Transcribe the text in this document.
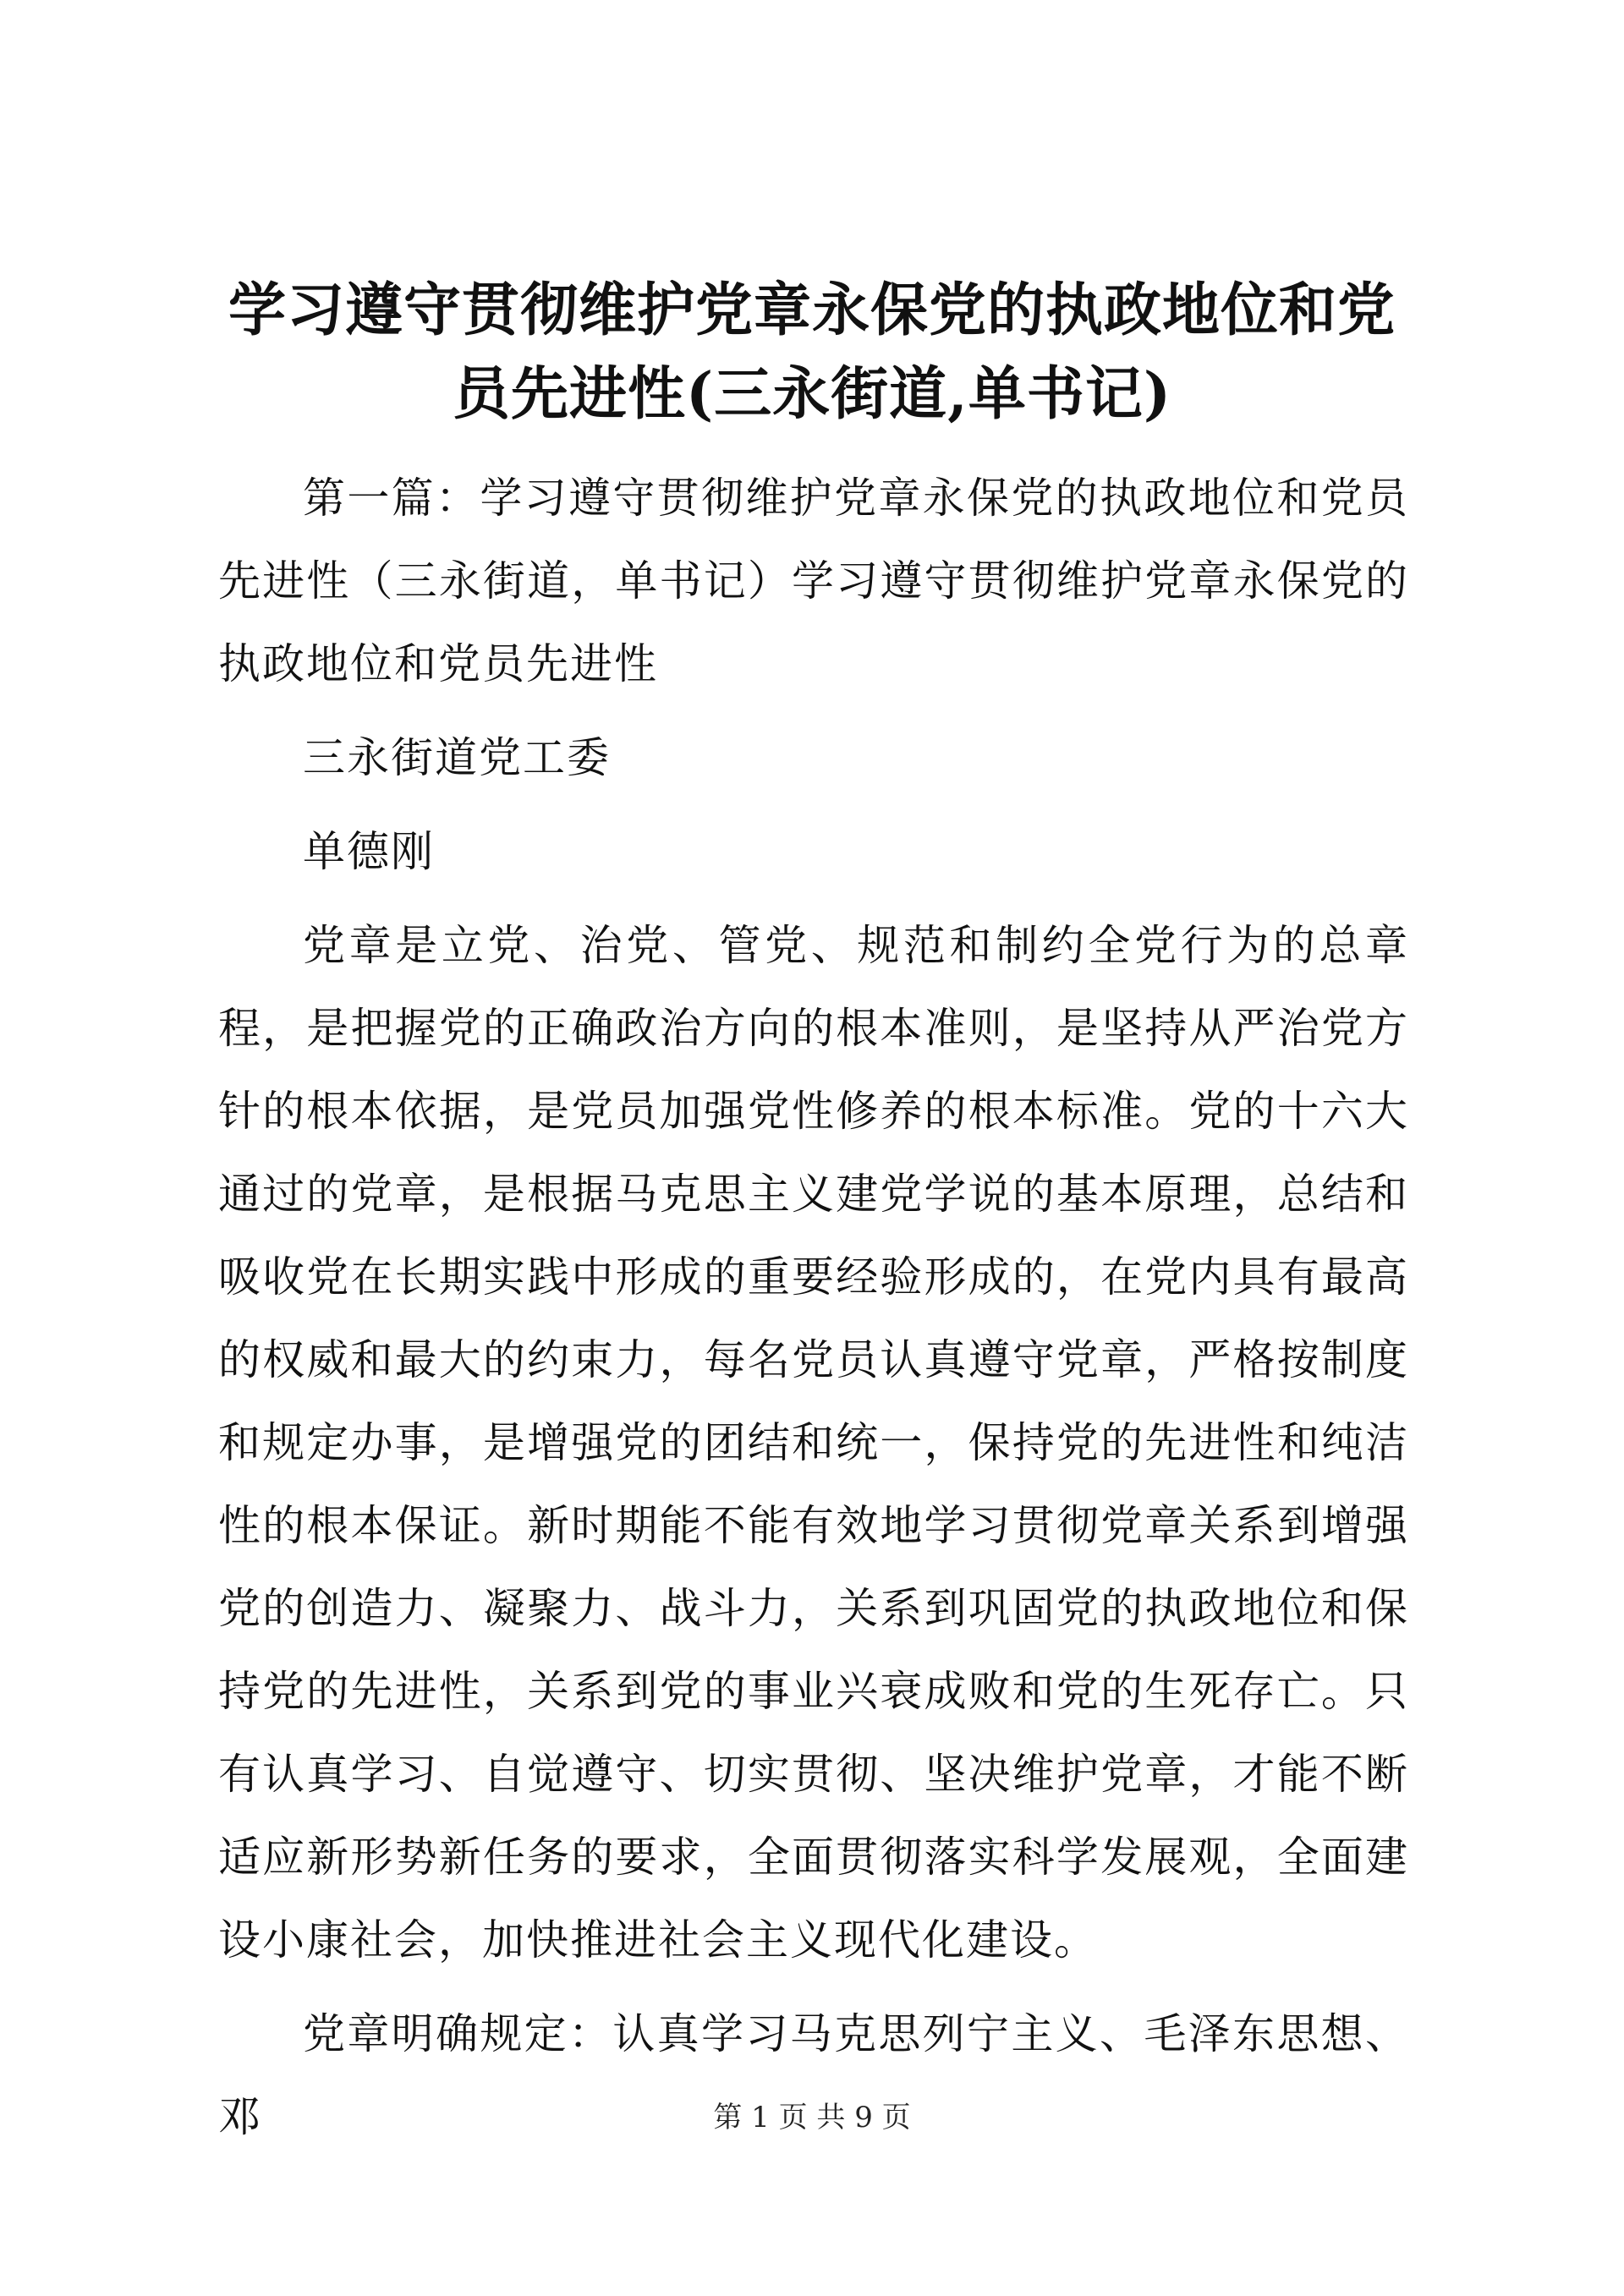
学习遵守贯彻维护党章永保党的执政地位和党员先进性(三永街道,单书记)

第一篇：学习遵守贯彻维护党章永保党的执政地位和党员先进性（三永街道，单书记）学习遵守贯彻维护党章永保党的执政地位和党员先进性

三永街道党工委

单德刚

党章是立党、治党、管党、规范和制约全党行为的总章程，是把握党的正确政治方向的根本准则，是坚持从严治党方针的根本依据，是党员加强党性修养的根本标准。党的十六大通过的党章，是根据马克思主义建党学说的基本原理，总结和吸收党在长期实践中形成的重要经验形成的，在党内具有最高的权威和最大的约束力，每名党员认真遵守党章，严格按制度和规定办事，是增强党的团结和统一，保持党的先进性和纯洁性的根本保证。新时期能不能有效地学习贯彻党章关系到增强党的创造力、凝聚力、战斗力，关系到巩固党的执政地位和保持党的先进性，关系到党的事业兴衰成败和党的生死存亡。只有认真学习、自觉遵守、切实贯彻、坚决维护党章，才能不断适应新形势新任务的要求，全面贯彻落实科学发展观，全面建设小康社会，加快推进社会主义现代化建设。

党章明确规定：认真学习马克思列宁主义、毛泽东思想、邓	第 1 页 共 9 页
